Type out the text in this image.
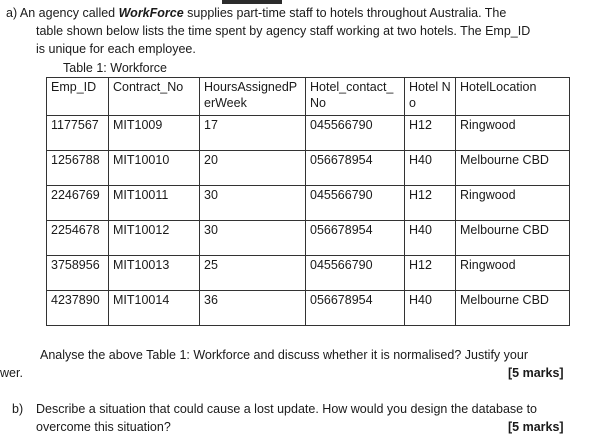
a) An agency called WorkForce supplies part-time staff to hotels throughout Australia. The
table shown below lists the time spent by agency staff working at two hotels. The Emp_ID
is unique for each employee.
Table 1: Workforce
Emp_ID	Contract_No	HoursAssignedPerWeek	Hotel_contact_No	Hotel No	HotelLocation
1177567	MIT1009	17	045566790	H12	Ringwood
1256788	MIT10010	20	056678954	H40	Melbourne CBD
2246769	MIT10011	30	045566790	H12	Ringwood
2254678	MIT10012	30	056678954	H40	Melbourne CBD
3758956	MIT10013	25	045566790	H12	Ringwood
4237890	MIT10014	36	056678954	H40	Melbourne CBD
Analyse the above Table 1: Workforce and discuss whether it is normalised? Justify your
wer.	[5 marks]
b) Describe a situation that could cause a lost update. How would you design the database to
overcome this situation?	[5 marks]
